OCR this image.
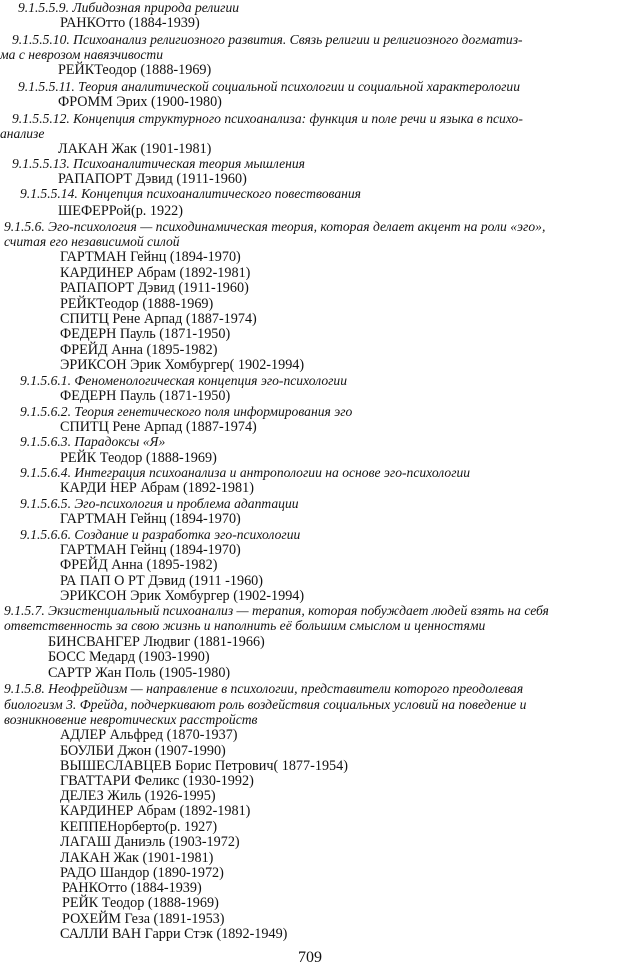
709
9.1.5.5.9. Либидозная природа религии
РАНКОтто (1884-1939)
9.1.5.5.10. Психоанализ религиозного развития. Связь религии и религиозного догматиз-
ма с неврозом навязчивости
РЕЙКТеодор (1888-1969)
9.1.5.5.11. Теория аналитической социальной психологии и социальной характерологии
ФРОММ Эрих (1900-1980)
9.1.5.5.12. Концепция структурного психоанализа: функция и поле речи и языка в психо-
анализе
ЛАКАН Жак (1901-1981)
9.1.5.5.13. Психоаналитическая теория мышления
РАПАПОРТ Дэвид (1911-1960)
9.1.5.5.14. Концепция психоаналитического повествования
ШЕФЕРРой(р. 1922)
9.1.5.6. Эго-психология — психодинамическая теория, которая делает акцент на роли «эго»,
считая его независимой силой
ГАРТМАН Гейнц (1894-1970)
КАРДИНЕР Абрам (1892-1981)
РАПАПОРТ Дэвид (1911-1960)
РЕЙКТеодор (1888-1969)
СПИТЦ Рене Арпад (1887-1974)
ФЕДЕРН Пауль (1871-1950)
ФРЕЙД Анна (1895-1982)
ЭРИКСОН Эрик Хомбургер( 1902-1994)
9.1.5.6.1. Феноменологическая концепция эго-психологии
ФЕДЕРН Пауль (1871-1950)
9.1.5.6.2. Теория генетического поля информирования эго
СПИТЦ Рене Арпад (1887-1974)
9.1.5.6.3. Парадоксы «Я»
РЕЙК Теодор (1888-1969)
9.1.5.6.4. Интеграция психоанализа и антропологии на основе эго-психологии
КАРДИ НЕР Абрам (1892-1981)
9.1.5.6.5. Эго-психология и проблема адаптации
ГАРТМАН Гейнц (1894-1970)
9.1.5.6.6. Создание и разработка эго-психологии
ГАРТМАН Гейнц (1894-1970)
ФРЕЙД Анна (1895-1982)
РА ПАП О РТ Дэвид (1911 -1960)
ЭРИКСОН Эрик Хомбургер (1902-1994)
9.1.5.7. Экзистенциальный психоанализ — терапия, которая побуждает людей взять на себя
ответственность за свою жизнь и наполнить её большим смыслом и ценностями
БИНСВАНГЕР Людвиг (1881-1966)
БОСС Медард (1903-1990)
САРТР Жан Поль (1905-1980)
9.1.5.8. Неофрейдизм — направление в психологии, представители которого преодолевая
биологизм 3. Фрейда, подчеркивают роль воздействия социальных условий на поведение и
возникновение невротических расстройств
АДЛЕР Альфред (1870-1937)
БОУЛБИ Джон (1907-1990)
ВЫШЕСЛАВЦЕВ Борис Петрович( 1877-1954)
ГВАТТАРИ Феликс (1930-1992)
ДЕЛЕЗ Жиль (1926-1995)
КАРДИНЕР Абрам (1892-1981)
КЕППЕНорберто(р. 1927)
ЛАГАШ Даниэль (1903-1972)
ЛАКАН Жак (1901-1981)
РАДО Шандор (1890-1972)
РАНКОтто (1884-1939)
РЕЙК Теодор (1888-1969)
РОХЕЙМ Геза (1891-1953)
САЛЛИ ВАН Гарри Стэк (1892-1949)
